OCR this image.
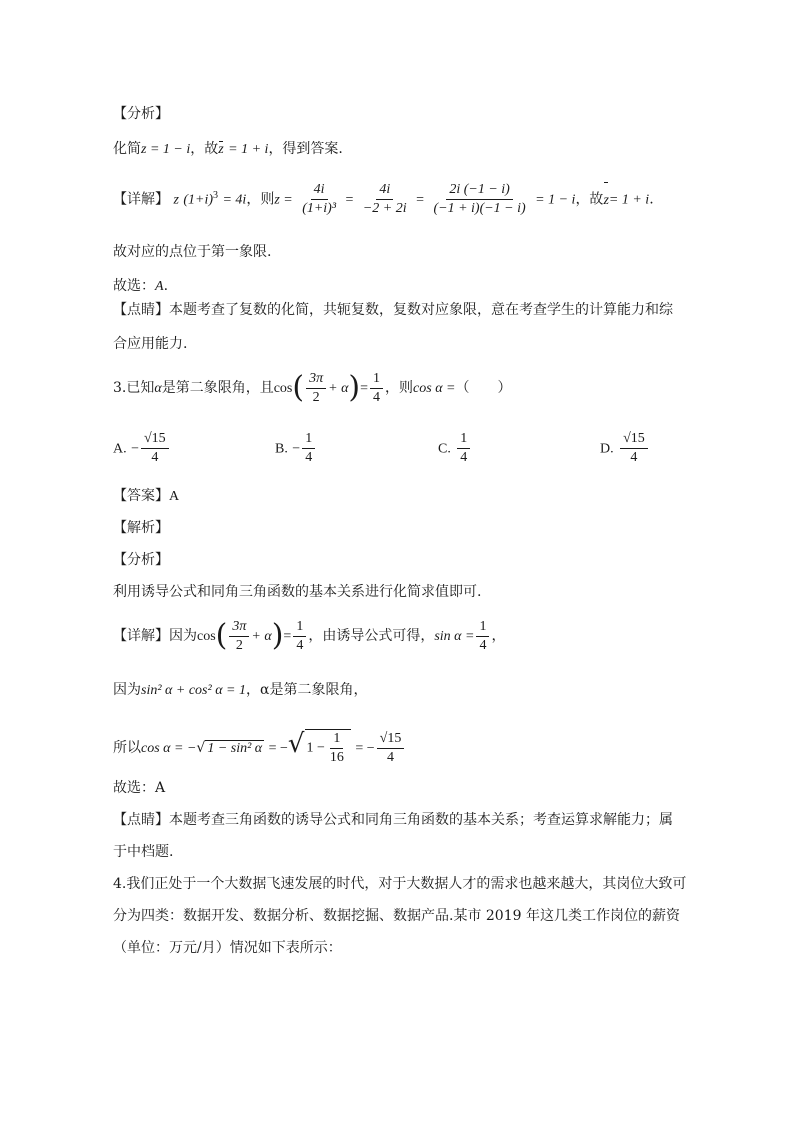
【分析】
化简z = 1 − i，故z = 1 + i，得到答案.
【详解】 z $(1+i)^3 = 4i$，则$z = \frac{4i}{\text{(1+i)³}} = \frac{4i}{-2 + 2i} = \frac{2i (-1 - i)}{(-1 + i)(-1 - i)} = 1 - i$，故z= 1 + i.
故对应的点位于第一象限.
故选：A.
【点睛】本题考查了复数的化简，共轭复数，复数对应象限，意在考查学生的计算能力和综
合应用能力.
3.已知α是第二象限角，且$\cos( \frac{3\pi}{2} + \alpha)= \frac{1}{4}$ ，则cos α =（　　）
A. − $\frac{√15}{4}$	B. − $\frac{1}{4}$	C. $\frac{1}{4}$	D. $\frac{√15}{4}$
【答案】A
【解析】
【分析】
利用诱导公式和同角三角函数的基本关系进行化简求值即可.
【详解】因为$\cos( \frac{3\pi}{2} + \alpha)= \frac{1}{4}$ ，由诱导公式可得，$\sin \alpha = \frac{1}{4}$ ，
因为sin² α + cos² α = 1，α是第二象限角，
所以cos α = −√ 1 − sin² α = −√ $1 - \frac{1}{16}$ = − $\frac{√15}{4}$
故选：A
【点睛】本题考查三角函数的诱导公式和同角三角函数的基本关系；考查运算求解能力；属
于中档题.
4.我们正处于一个大数据飞速发展的时代，对于大数据人才的需求也越来越大，其岗位大致可
分为四类：数据开发、数据分析、数据挖掘、数据产品.某市 2019 年这几类工作岗位的薪资
（单位：万元/月）情况如下表所示：
